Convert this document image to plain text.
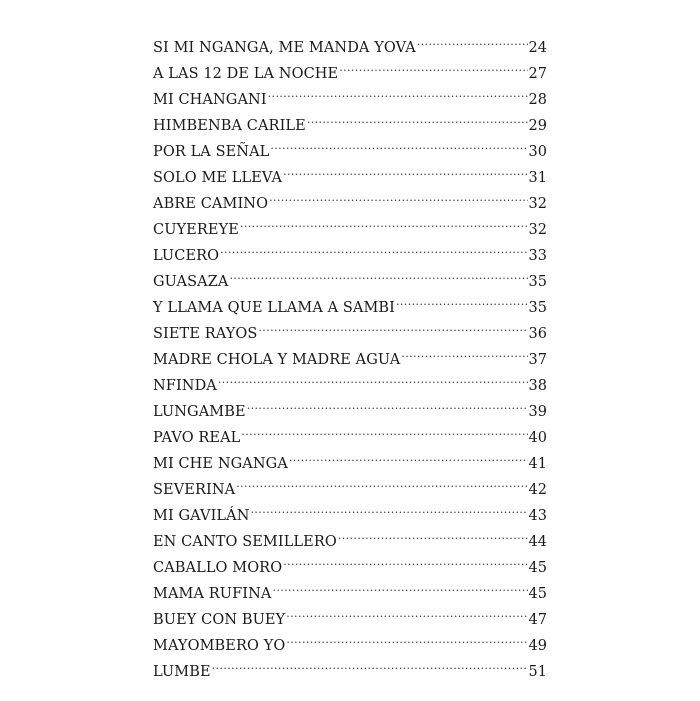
SI MI NGANGA, ME MANDA YOVA .....	24
A LAS 12 DE LA NOCHE .....	27
MI CHANGANI .....	28
HIMBENBA CARILE .....	29
POR LA SEÑAL .....	30
SOLO ME LLEVA .....	31
ABRE CAMINO .....	32
CUYEREYE .....	32
LUCERO .....	33
GUASAZA .....	35
Y LLAMA QUE LLAMA A SAMBI .....	35
SIETE RAYOS .....	36
MADRE CHOLA Y MADRE AGUA .....	37
NFINDA .....	38
LUNGAMBE .....	39
PAVO REAL .....	40
MI CHE NGANGA .....	41
SEVERINA .....	42
MI GAVILÁN .....	43
EN CANTO SEMILLERO .....	44
CABALLO MORO .....	45
MAMA RUFINA .....	45
BUEY CON BUEY .....	47
MAYOMBERO YO .....	49
LUMBE .....	51
